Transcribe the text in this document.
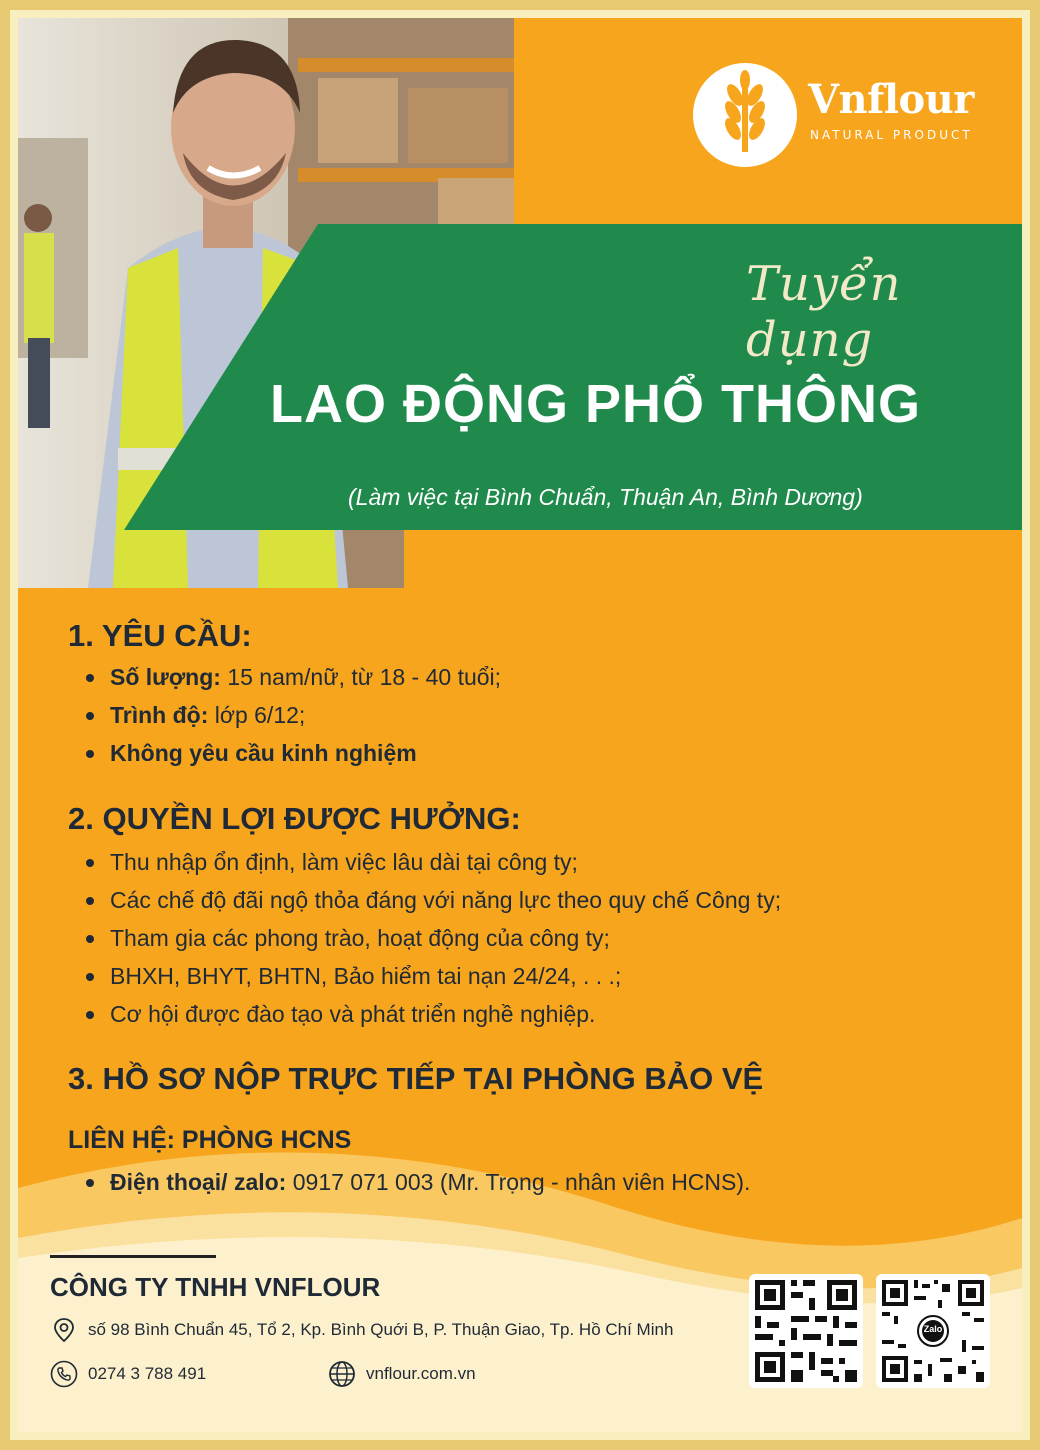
Vnflour
NATURAL PRODUCT
Tuyển dụng
LAO ĐỘNG PHỔ THÔNG
(Làm việc tại Bình Chuẩn, Thuận An, Bình Dương)
1. YÊU CẦU:
Số lượng: 15 nam/nữ, từ 18 - 40 tuổi;
Trình độ: lớp 6/12;
Không yêu cầu kinh nghiệm
2. QUYỀN LỢI ĐƯỢC HƯỞNG:
Thu nhập ổn định, làm việc lâu dài tại công ty;
Các chế độ đãi ngộ thỏa đáng với năng lực theo quy chế Công ty;
Tham gia các phong trào, hoạt động của công ty;
BHXH, BHYT, BHTN, Bảo hiểm tai nạn 24/24, . . .;
Cơ hội được đào tạo và phát triển nghề nghiệp.
3. HỒ SƠ NỘP TRỰC TIẾP TẠI PHÒNG BẢO VỆ
LIÊN HỆ: PHÒNG HCNS
Điện thoại/ zalo: 0917 071 003 (Mr. Trọng - nhân viên HCNS).
CÔNG TY TNHH VNFLOUR
số 98 Bình Chuẩn 45, Tổ 2, Kp. Bình Quới B, P. Thuận Giao, Tp. Hồ Chí Minh
0274 3 788 491	vnflour.com.vn
Zalo
